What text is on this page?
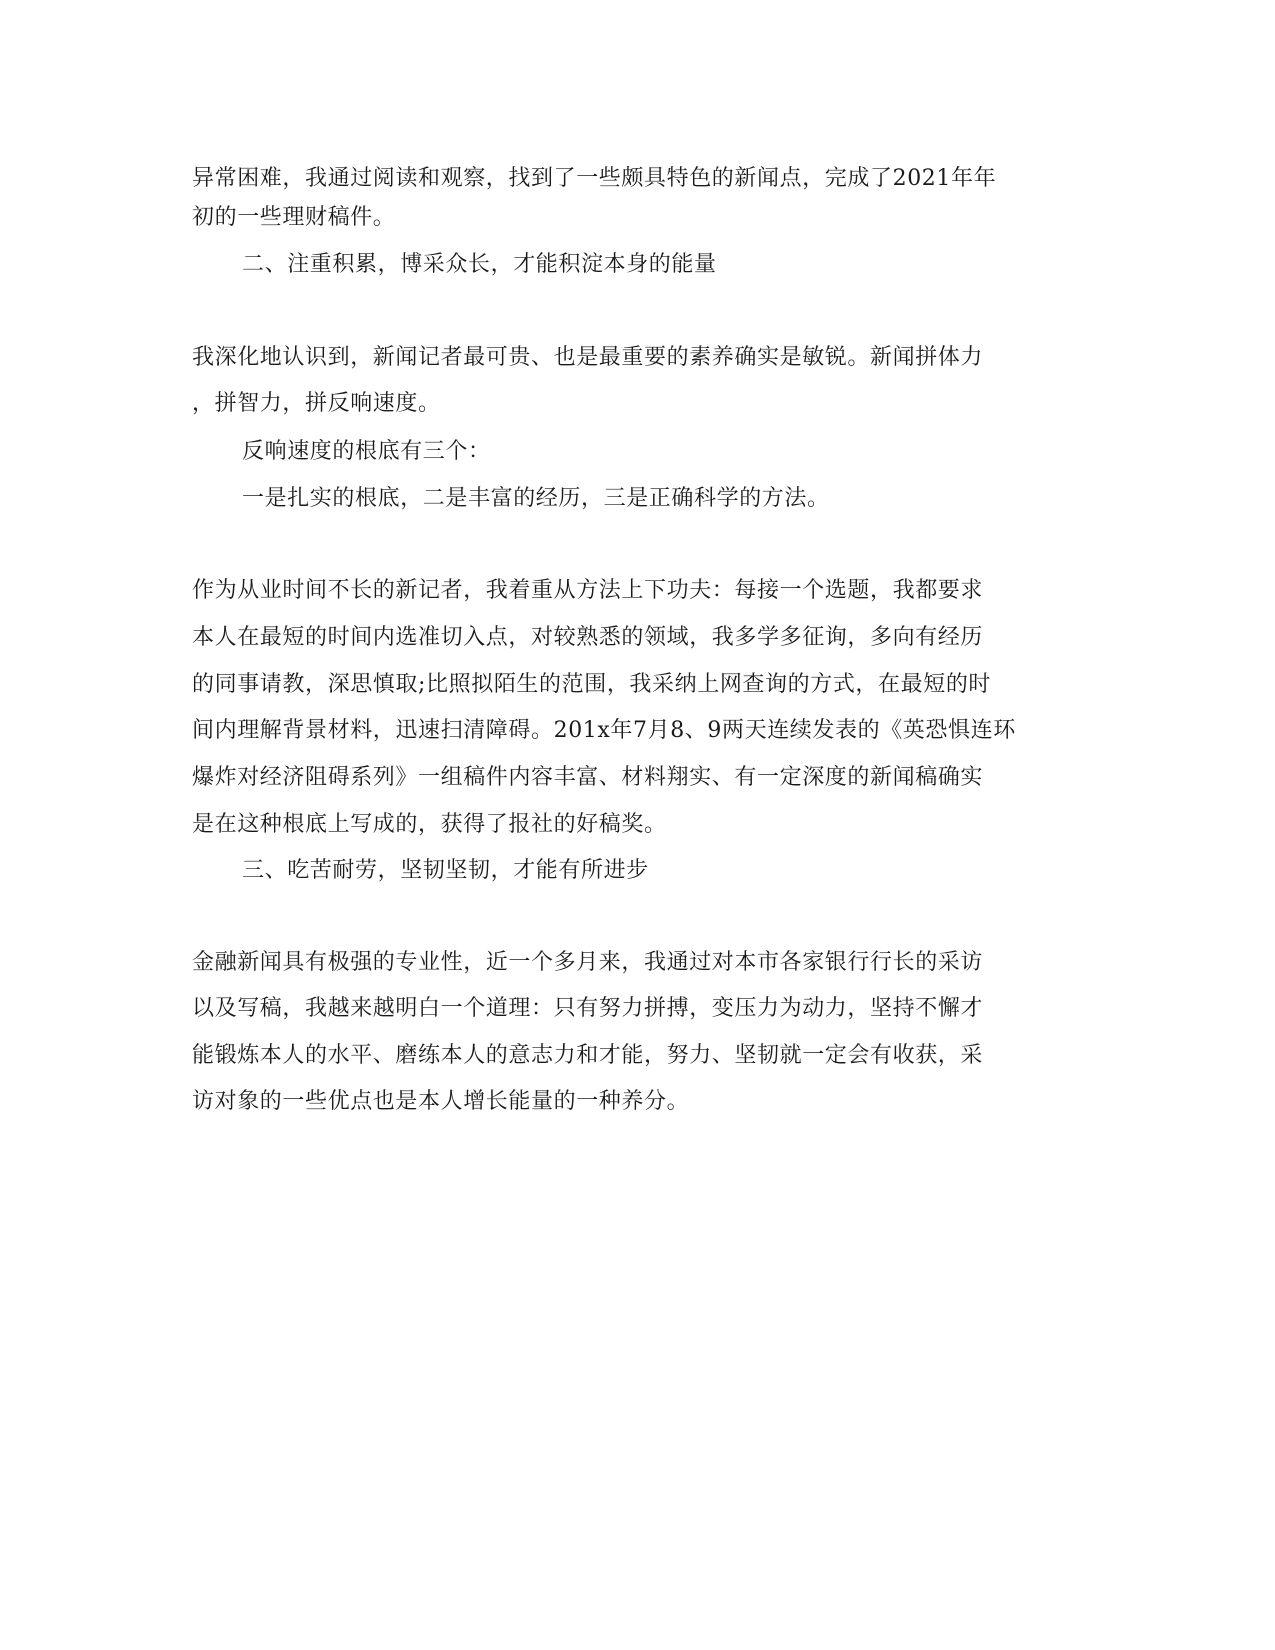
异常困难，我通过阅读和观察，找到了一些颇具特色的新闻点，完成了2021年年
初的一些理财稿件。
二、注重积累，博采众长，才能积淀本身的能量
我深化地认识到，新闻记者最可贵、也是最重要的素养确实是敏锐。新闻拼体力
，拼智力，拼反响速度。
反响速度的根底有三个：
一是扎实的根底，二是丰富的经历，三是正确科学的方法。
作为从业时间不长的新记者，我着重从方法上下功夫：每接一个选题，我都要求
本人在最短的时间内选准切入点，对较熟悉的领域，我多学多征询，多向有经历
的同事请教，深思慎取;比照拟陌生的范围，我采纳上网查询的方式，在最短的时
间内理解背景材料，迅速扫清障碍。201x年7月8、9两天连续发表的《英恐惧连环
爆炸对经济阻碍系列》一组稿件内容丰富、材料翔实、有一定深度的新闻稿确实
是在这种根底上写成的，获得了报社的好稿奖。
三、吃苦耐劳，坚韧坚韧，才能有所进步
金融新闻具有极强的专业性，近一个多月来，我通过对本市各家银行行长的采访
以及写稿，我越来越明白一个道理：只有努力拼搏，变压力为动力，坚持不懈才
能锻炼本人的水平、磨练本人的意志力和才能，努力、坚韧就一定会有收获，采
访对象的一些优点也是本人增长能量的一种养分。
